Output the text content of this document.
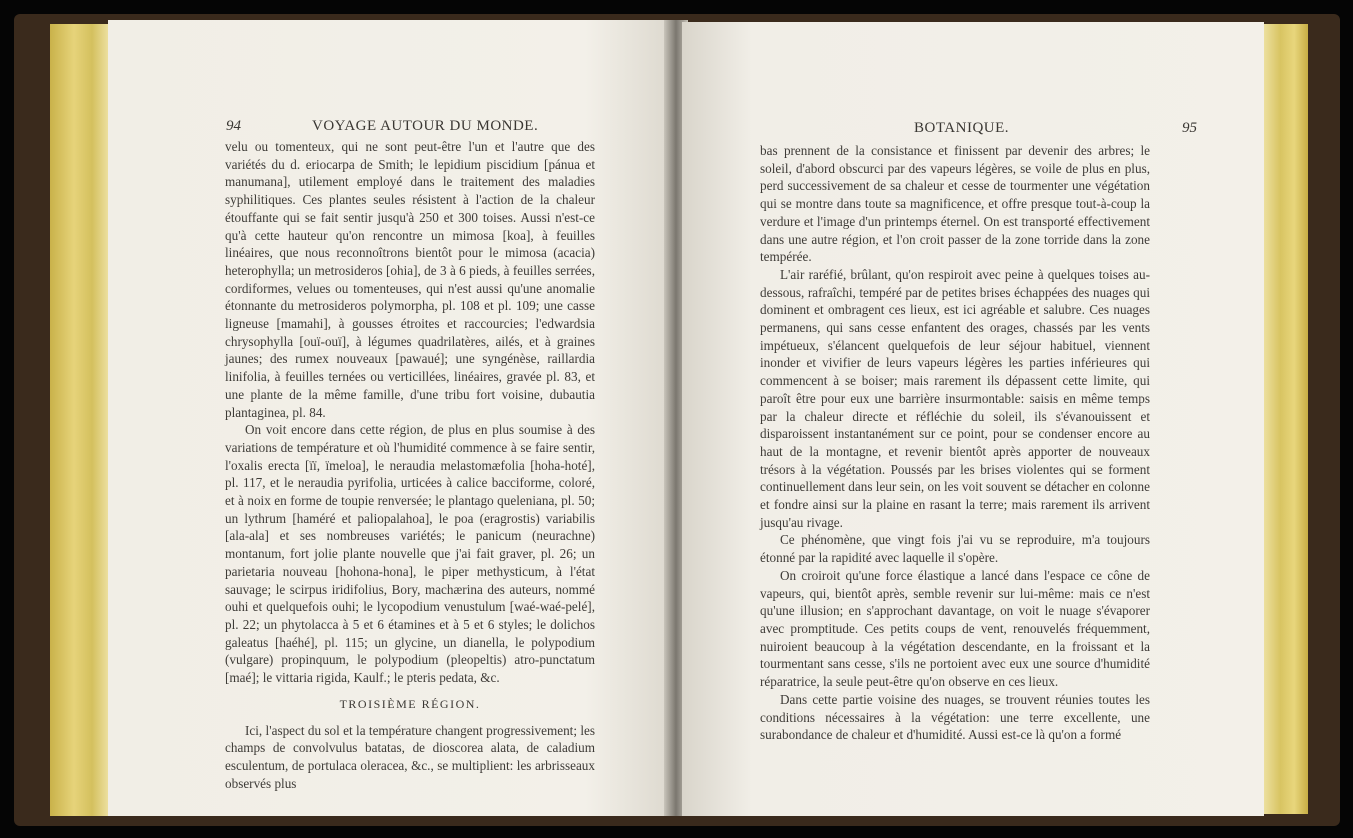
94	VOYAGE AUTOUR DU MONDE.

velu ou tomenteux, qui ne sont peut-être l'un et l'autre que des variétés du d. eriocarpa de Smith; le lepidium piscidium [pánua et manumana], utilement employé dans le traitement des maladies syphilitiques. Ces plantes seules résistent à l'action de la chaleur étouffante qui se fait sentir jusqu'à 250 et 300 toises. Aussi n'est-ce qu'à cette hauteur qu'on rencontre un mimosa [koa], à feuilles linéaires, que nous reconnoîtrons bientôt pour le mimosa (acacia) heterophylla; un metrosideros [ohia], de 3 à 6 pieds, à feuilles serrées, cordiformes, velues ou tomenteuses, qui n'est aussi qu'une anomalie étonnante du metrosideros polymorpha, pl. 108 et pl. 109; une casse ligneuse [mamahi], à gousses étroites et raccourcies; l'edwardsia chrysophylla [ouï-ouï], à légumes quadrilatères, ailés, et à graines jaunes; des rumex nouveaux [pawaué]; une syngénèse, raillardia linifolia, à feuilles ternées ou verticillées, linéaires, gravée pl. 83, et une plante de la même famille, d'une tribu fort voisine, dubautia plantaginea, pl. 84.

On voit encore dans cette région, de plus en plus soumise à des variations de température et où l'humidité commence à se faire sentir, l'oxalis erecta [ïï, ïmeloa], le neraudia melastomæfolia [hoha-hoté], pl. 117, et le neraudia pyrifolia, urticées à calice bacciforme, coloré, et à noix en forme de toupie renversée; le plantago queleniana, pl. 50; un lythrum [haméré et paliopalahoa], le poa (eragrostis) variabilis [ala-ala] et ses nombreuses variétés; le panicum (neurachne) montanum, fort jolie plante nouvelle que j'ai fait graver, pl. 26; un parietaria nouveau [hohona-hona], le piper methysticum, à l'état sauvage; le scirpus iridifolius, Bory, machærina des auteurs, nommé ouhi et quelquefois ouhi; le lycopodium venustulum [waé-waé-pelé], pl. 22; un phytolacca à 5 et 6 étamines et à 5 et 6 styles; le dolichos galeatus [haéhé], pl. 115; un glycine, un dianella, le polypodium (vulgare) propinquum, le polypodium (pleopeltis) atro-punctatum [maé]; le vittaria rigida, Kaulf.; le pteris pedata, &c.

TROISIÈME RÉGION.

Ici, l'aspect du sol et la température changent progressivement; les champs de convolvulus batatas, de dioscorea alata, de caladium esculentum, de portulaca oleracea, &c., se multiplient: les arbrisseaux observés plus

BOTANIQUE.	95

bas prennent de la consistance et finissent par devenir des arbres; le soleil, d'abord obscurci par des vapeurs légères, se voile de plus en plus, perd successivement de sa chaleur et cesse de tourmenter une végétation qui se montre dans toute sa magnificence, et offre presque tout-à-coup la verdure et l'image d'un printemps éternel. On est transporté effectivement dans une autre région, et l'on croit passer de la zone torride dans la zone tempérée.

L'air raréfié, brûlant, qu'on respiroit avec peine à quelques toises au-dessous, rafraîchi, tempéré par de petites brises échappées des nuages qui dominent et ombragent ces lieux, est ici agréable et salubre. Ces nuages permanens, qui sans cesse enfantent des orages, chassés par les vents impétueux, s'élancent quelquefois de leur séjour habituel, viennent inonder et vivifier de leurs vapeurs légères les parties inférieures qui commencent à se boiser; mais rarement ils dépassent cette limite, qui paroît être pour eux une barrière insurmontable: saisis en même temps par la chaleur directe et réfléchie du soleil, ils s'évanouissent et disparoissent instantanément sur ce point, pour se condenser encore au haut de la montagne, et revenir bientôt après apporter de nouveaux trésors à la végétation. Poussés par les brises violentes qui se forment continuellement dans leur sein, on les voit souvent se détacher en colonne et fondre ainsi sur la plaine en rasant la terre; mais rarement ils arrivent jusqu'au rivage.

Ce phénomène, que vingt fois j'ai vu se reproduire, m'a toujours étonné par la rapidité avec laquelle il s'opère.

On croiroit qu'une force élastique a lancé dans l'espace ce cône de vapeurs, qui, bientôt après, semble revenir sur lui-même: mais ce n'est qu'une illusion; en s'approchant davantage, on voit le nuage s'évaporer avec promptitude. Ces petits coups de vent, renouvelés fréquemment, nuiroient beaucoup à la végétation descendante, en la froissant et la tourmentant sans cesse, s'ils ne portoient avec eux une source d'humidité réparatrice, la seule peut-être qu'on observe en ces lieux.

Dans cette partie voisine des nuages, se trouvent réunies toutes les conditions nécessaires à la végétation: une terre excellente, une surabondance de chaleur et d'humidité. Aussi est-ce là qu'on a formé
